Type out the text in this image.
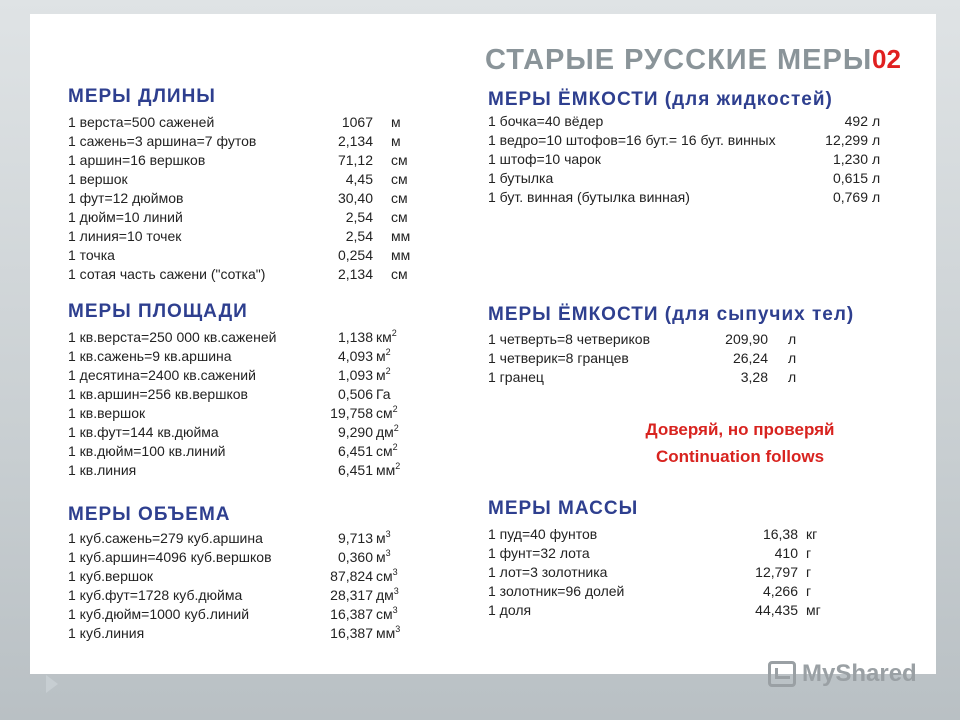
СТАРЫЕ РУССКИЕ МЕРЫ 02
МЕРЫ ДЛИНЫ
1 верста=500 саженей	1067 м
1 сажень=3 аршина=7 футов	2,134 м
1 аршин=16 вершков	71,12 см
1 вершок	4,45 см
1 фут=12 дюймов	30,40 см
1 дюйм=10 линий	2,54 см
1 линия=10 точек	2,54 мм
1 точка	0,254 мм
1 сотая часть сажени ("сотка")	2,134 см
МЕРЫ ПЛОЩАДИ
1 кв.верста=250 000 кв.саженей	1,138 $км^2$
1 кв.сажень=9 кв.аршина	4,093 $м^2$
1 десятина=2400 кв.сажений	1,093 $м^2$
1 кв.аршин=256 кв.вершков	0,506 Га
1 кв.вершок	19,758 $см^2$
1 кв.фут=144 кв.дюйма	9,290 $дм^2$
1 кв.дюйм=100 кв.линий	6,451 $см^2$
1 кв.линия	6,451 $мм^2$
МЕРЫ ОБЪЕМА
1 куб.сажень=279 куб.аршина	9,713 $м^3$
1 куб.аршин=4096 куб.вершков	0,360 $м^3$
1 куб.вершок	87,824 $см^3$
1 куб.фут=1728 куб.дюйма	28,317 $дм^3$
1 куб.дюйм=1000 куб.линий	16,387 $см^3$
1 куб.линия	16,387 $мм^3$
МЕРЫ ЁМКОСТИ (для жидкостей)
1 бочка=40 вёдер	492 л
1 ведро=10 штофов=16 бут.= 16 бут. винных	12,299 л
1 штоф=10 чарок	1,230 л
1 бутылка	0,615 л
1 бут. винная (бутылка винная)	0,769 л
МЕРЫ ЁМКОСТИ (для сыпучих тел)
1 четверть=8 четвериков	209,90 л
1 четверик=8 гранцев	26,24 л
1 гранец	3,28 л
Доверяй, но проверяй
Continuation follows
МЕРЫ МАССЫ
1 пуд=40 фунтов	16,38 кг
1 фунт=32 лота	410 г
1 лот=3 золотника	12,797 г
1 золотник=96 долей	4,266 г
1 доля	44,435 мг
MyShared
